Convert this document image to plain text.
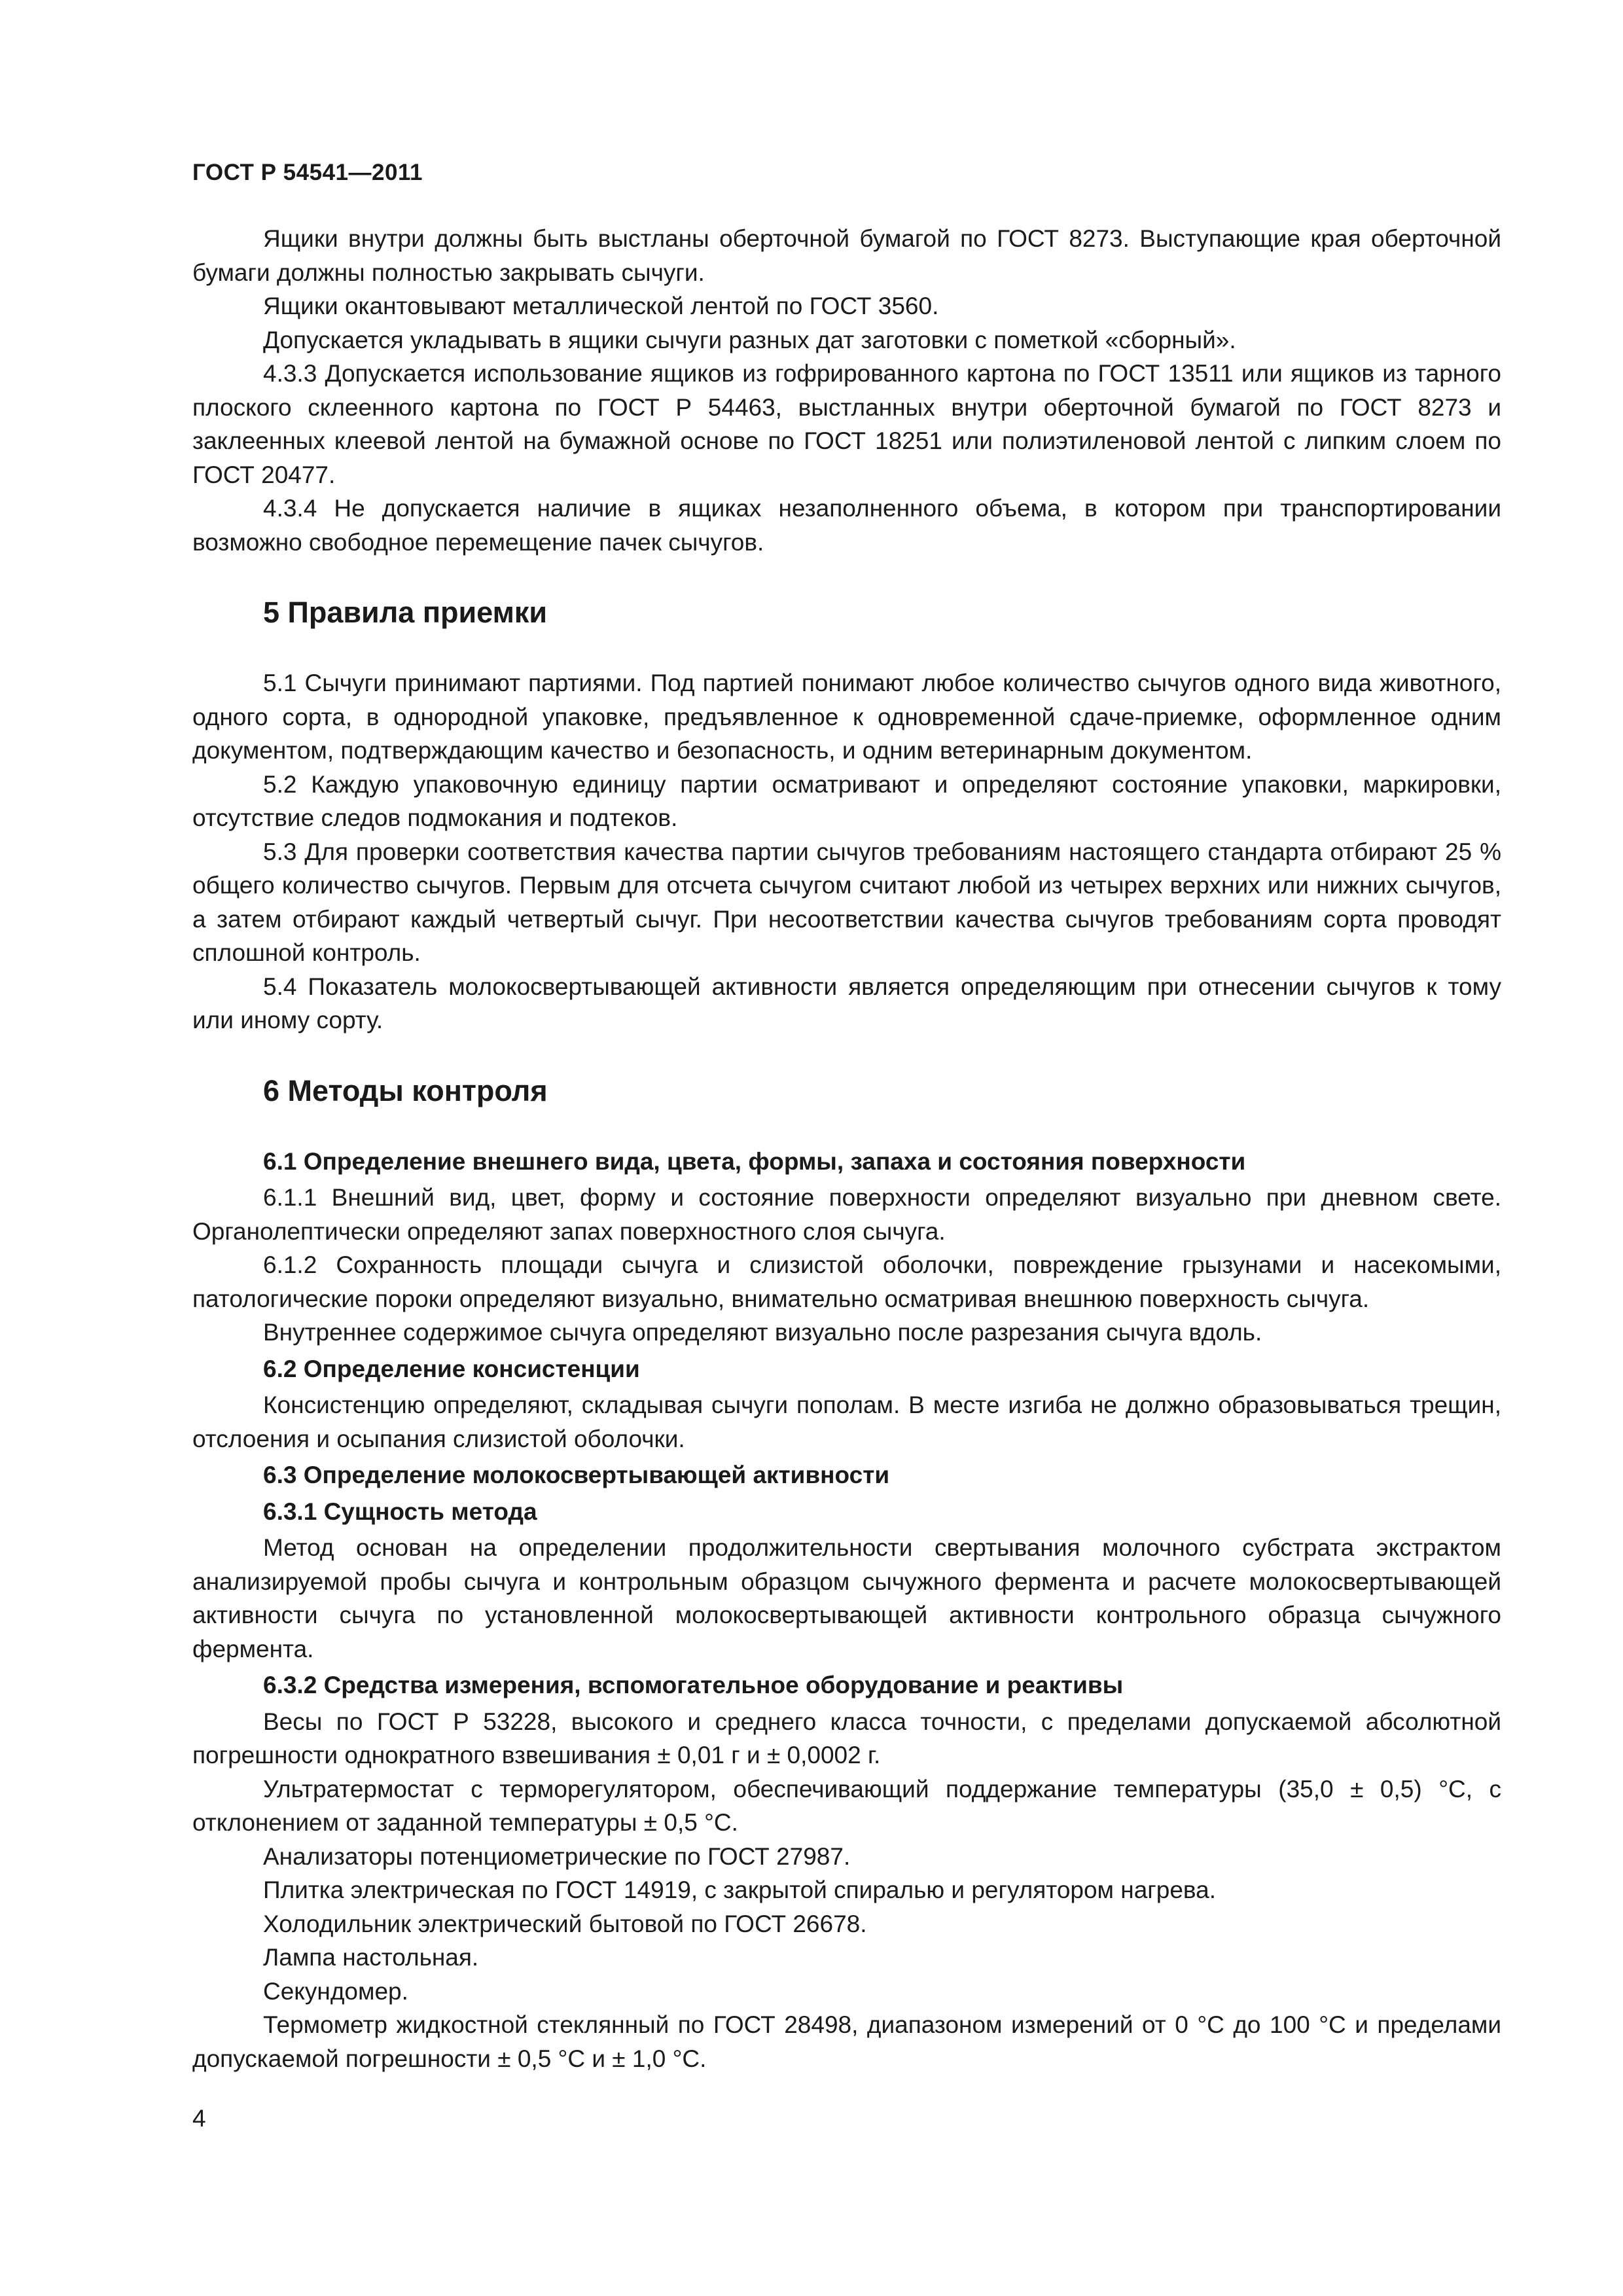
ГОСТ Р 54541—2011

Ящики внутри должны быть выстланы оберточной бумагой по ГОСТ 8273. Выступающие края оберточной бумаги должны полностью закрывать сычуги.

Ящики окантовывают металлической лентой по ГОСТ 3560.

Допускается укладывать в ящики сычуги разных дат заготовки с пометкой «сборный».

4.3.3 Допускается использование ящиков из гофрированного картона по ГОСТ 13511 или ящиков из тарного плоского склеенного картона по ГОСТ Р 54463, выстланных внутри оберточной бумагой по ГОСТ 8273 и заклеенных клеевой лентой на бумажной основе по ГОСТ 18251 или полиэтиленовой лентой с липким слоем по ГОСТ 20477.

4.3.4 Не допускается наличие в ящиках незаполненного объема, в котором при транспортировании возможно свободное перемещение пачек сычугов.

5 Правила приемки

5.1 Сычуги принимают партиями. Под партией понимают любое количество сычугов одного вида животного, одного сорта, в однородной упаковке, предъявленное к одновременной сдаче-приемке, оформленное одним документом, подтверждающим качество и безопасность, и одним ветеринарным документом.

5.2 Каждую упаковочную единицу партии осматривают и определяют состояние упаковки, маркировки, отсутствие следов подмокания и подтеков.

5.3 Для проверки соответствия качества партии сычугов требованиям настоящего стандарта отбирают 25 % общего количество сычугов. Первым для отсчета сычугом считают любой из четырех верхних или нижних сычугов, а затем отбирают каждый четвертый сычуг. При несоответствии качества сычугов требованиям сорта проводят сплошной контроль.

5.4 Показатель молокосвертывающей активности является определяющим при отнесении сычугов к тому или иному сорту.

6 Методы контроля
6.1 Определение внешнего вида, цвета, формы, запаха и состояния поверхности

6.1.1 Внешний вид, цвет, форму и состояние поверхности определяют визуально при дневном свете. Органолептически определяют запах поверхностного слоя сычуга.

6.1.2 Сохранность площади сычуга и слизистой оболочки, повреждение грызунами и насекомыми, патологические пороки определяют визуально, внимательно осматривая внешнюю поверхность сычуга.

Внутреннее содержимое сычуга определяют визуально после разрезания сычуга вдоль.

6.2 Определение консистенции

Консистенцию определяют, складывая сычуги пополам. В месте изгиба не должно образовываться трещин, отслоения и осыпания слизистой оболочки.

6.3 Определение молокосвертывающей активности
6.3.1 Сущность метода

Метод основан на определении продолжительности свертывания молочного субстрата экстрактом анализируемой пробы сычуга и контрольным образцом сычужного фермента и расчете молокосвертывающей активности сычуга по установленной молокосвертывающей активности контрольного образца сычужного фермента.

6.3.2 Средства измерения, вспомогательное оборудование и реактивы

Весы по ГОСТ Р 53228, высокого и среднего класса точности, с пределами допускаемой абсолютной погрешности однократного взвешивания ± 0,01 г и ± 0,0002 г.

Ультратермостат с терморегулятором, обеспечивающий поддержание температуры (35,0 ± 0,5) °С, с отклонением от заданной температуры ± 0,5 °С.

Анализаторы потенциометрические по ГОСТ 27987.

Плитка электрическая по ГОСТ 14919, с закрытой спиралью и регулятором нагрева.

Холодильник электрический бытовой по ГОСТ 26678.

Лампа настольная.

Секундомер.

Термометр жидкостной стеклянный по ГОСТ 28498, диапазоном измерений от 0 °С до 100 °С и пределами допускаемой погрешности ± 0,5 °С и ± 1,0 °С.

4
